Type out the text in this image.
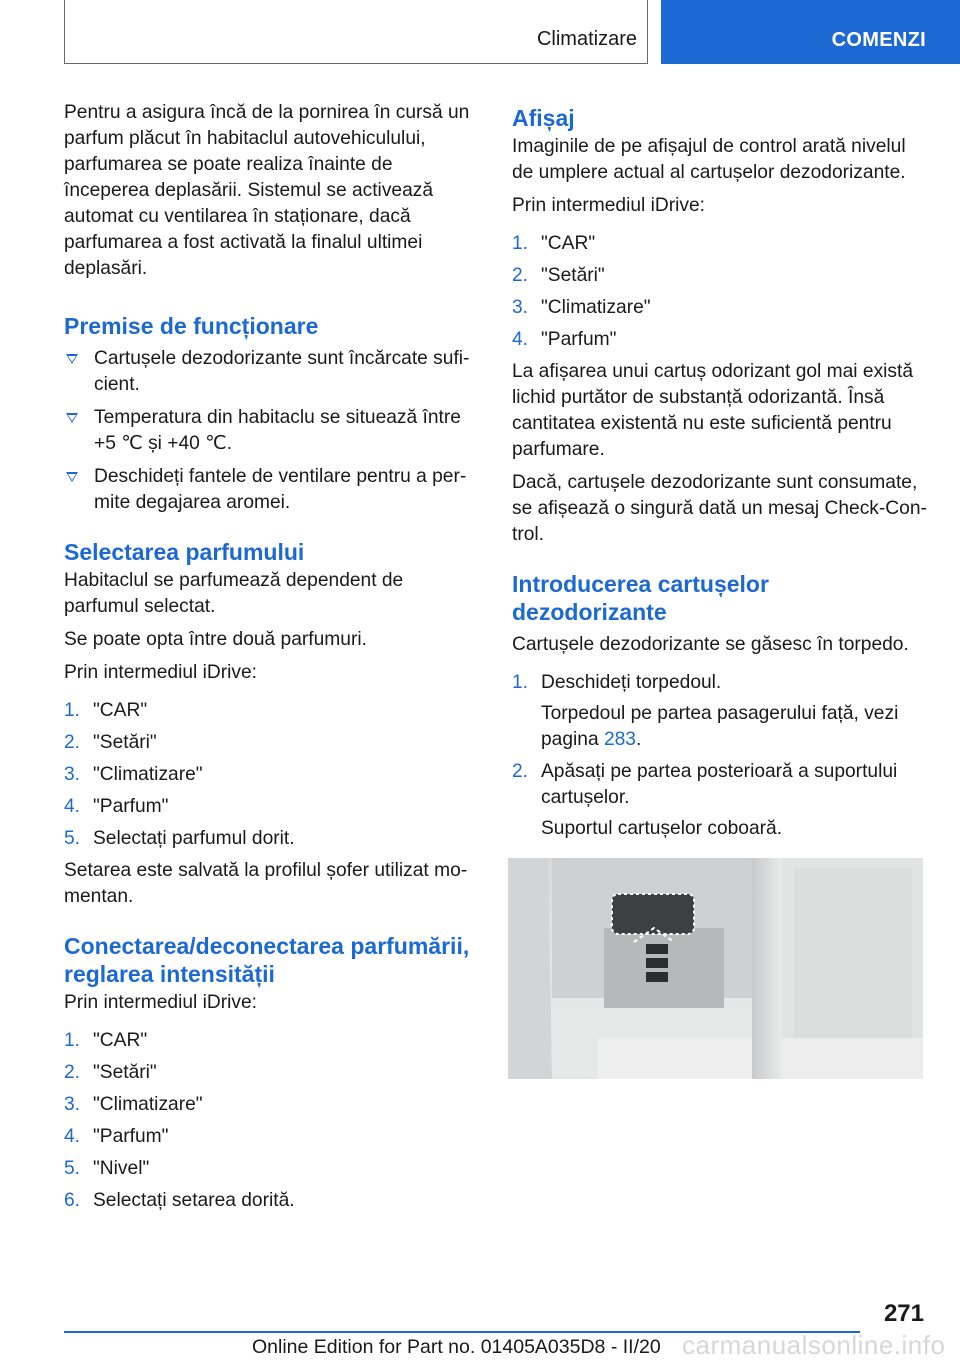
Climatizare	COMENZI

Pentru a asigura încă de la pornirea în cursă un parfum plăcut în habitaclul autovehiculului, parfumarea se poate realiza înainte de începerea deplasării. Sistemul se activează automat cu ventilarea în staționare, dacă parfumarea a fost activată la finalul ultimei deplasări.

Premise de funcționare
Cartușele dezodorizante sunt încărcate suficient.
Temperatura din habitaclu se situează între +5 ℃ și +40 ℃.
Deschideți fantele de ventilare pentru a permite degajarea aromei.
Selectarea parfumului

Habitaclul se parfumează dependent de parfumul selectat.

Se poate opta între două parfumuri.

Prin intermediul iDrive:

1. "CAR"
2. "Setări"
3. "Climatizare"
4. "Parfum"
5. Selectați parfumul dorit.

Setarea este salvată la profilul șofer utilizat momentan.

Conectarea/deconectarea parfumării, reglarea intensității

Prin intermediul iDrive:

1. "CAR"
2. "Setări"
3. "Climatizare"
4. "Parfum"
5. "Nivel"
6. Selectați setarea dorită.
Afișaj

Imaginile de pe afișajul de control arată nivelul de umplere actual al cartușelor dezodorizante.

Prin intermediul iDrive:

1. "CAR"
2. "Setări"
3. "Climatizare"
4. "Parfum"

La afișarea unui cartuș odorizant gol mai există lichid purtător de substanță odorizantă. Însă cantitatea existentă nu este suficientă pentru parfumare.

Dacă, cartușele dezodorizante sunt consumate, se afișează o singură dată un mesaj Check-Control.

Introducerea cartușelor dezodorizante

Cartușele dezodorizante se găsesc în torpedo.

1. Deschideți torpedoul.
Torpedoul pe partea pasagerului față, vezi pagina 283.
2. Apăsați pe partea posterioară a suportului cartușelor.
Suportul cartușelor coboară.
271
Online Edition for Part no. 01405A035D8 - II/20 carmanualsonline.info
